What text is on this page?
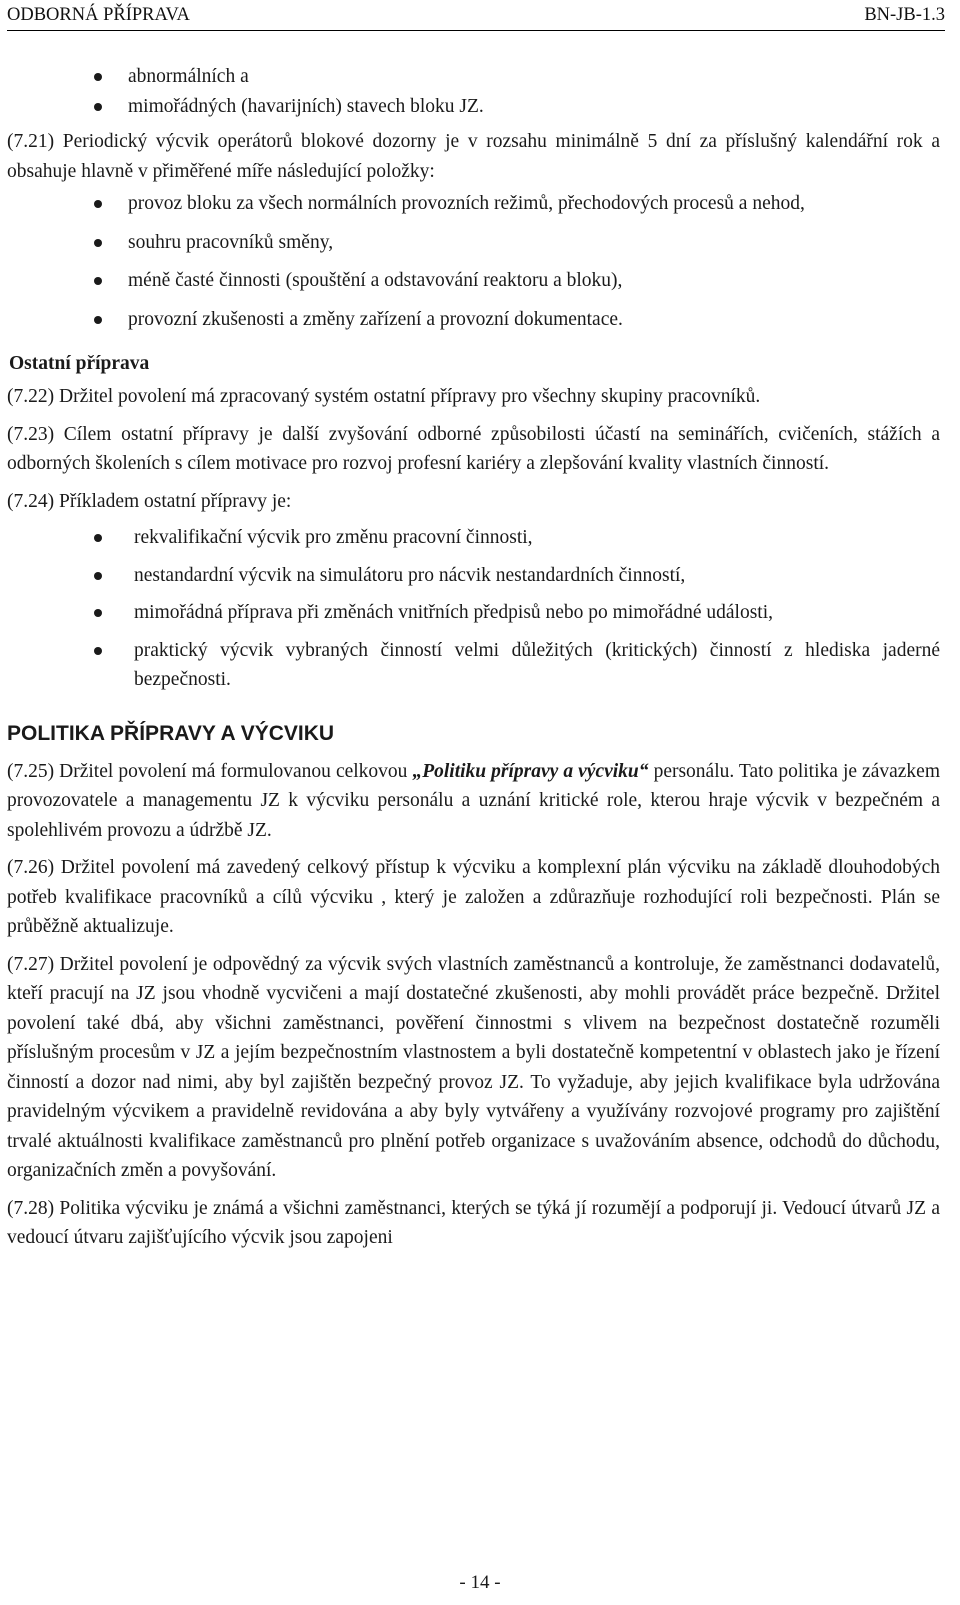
ODBORNÁ PŘÍPRAVA	BN-JB-1.3
abnormálních a
mimořádných (havarijních) stavech bloku JZ.

(7.21) Periodický výcvik operátorů blokové dozorny je v rozsahu minimálně 5 dní za příslušný kalendářní rok a obsahuje hlavně v přiměřené míře následující položky:

provoz bloku za všech normálních provozních režimů, přechodových procesů a nehod,
souhru pracovníků směny,
méně časté činnosti (spouštění a odstavování reaktoru a bloku),
provozní zkušenosti a změny zařízení a provozní dokumentace.
Ostatní příprava

(7.22) Držitel povolení má zpracovaný systém ostatní přípravy pro všechny skupiny pracovníků.

(7.23) Cílem ostatní přípravy je další zvyšování odborné způsobilosti účastí na seminářích, cvičeních, stážích a odborných školeních s cílem motivace pro rozvoj profesní kariéry a zlepšování kvality vlastních činností.

(7.24) Příkladem ostatní přípravy je:

rekvalifikační výcvik pro změnu pracovní činnosti,
nestandardní výcvik na simulátoru pro nácvik nestandardních činností,
mimořádná příprava při změnách vnitřních předpisů nebo po mimořádné události,
praktický výcvik vybraných činností velmi důležitých (kritických) činností z hlediska jaderné bezpečnosti.
POLITIKA PŘÍPRAVY A VÝCVIKU

(7.25) Držitel povolení má formulovanou celkovou „Politiku přípravy a výcviku“ personálu. Tato politika je závazkem provozovatele a managementu JZ k výcviku personálu a uznání kritické role, kterou hraje výcvik v bezpečném a spolehlivém provozu a údržbě JZ.

(7.26) Držitel povolení má zavedený celkový přístup k výcviku a komplexní plán výcviku na základě dlouhodobých potřeb kvalifikace pracovníků a cílů výcviku , který je založen a zdůrazňuje rozhodující roli bezpečnosti. Plán se průběžně aktualizuje.

(7.27) Držitel povolení je odpovědný za výcvik svých vlastních zaměstnanců a kontroluje, že zaměstnanci dodavatelů, kteří pracují na JZ jsou vhodně vycvičeni a mají dostatečné zkušenosti, aby mohli provádět práce bezpečně. Držitel povolení také dbá, aby všichni zaměstnanci, pověření činnostmi s vlivem na bezpečnost dostatečně rozuměli příslušným procesům v JZ a jejím bezpečnostním vlastnostem a byli dostatečně kompetentní v oblastech jako je řízení činností a dozor nad nimi, aby byl zajištěn bezpečný provoz JZ. To vyžaduje, aby jejich kvalifikace byla udržována pravidelným výcvikem a pravidelně revidována a aby byly vytvářeny a využívány rozvojové programy pro zajištění trvalé aktuálnosti kvalifikace zaměstnanců pro plnění potřeb organizace s uvažováním absence, odchodů do důchodu, organizačních změn a povyšování.

(7.28) Politika výcviku je známá a všichni zaměstnanci, kterých se týká jí rozumějí a podporují ji. Vedoucí útvarů JZ a vedoucí útvaru zajišťujícího výcvik jsou zapojeni

- 14 -
